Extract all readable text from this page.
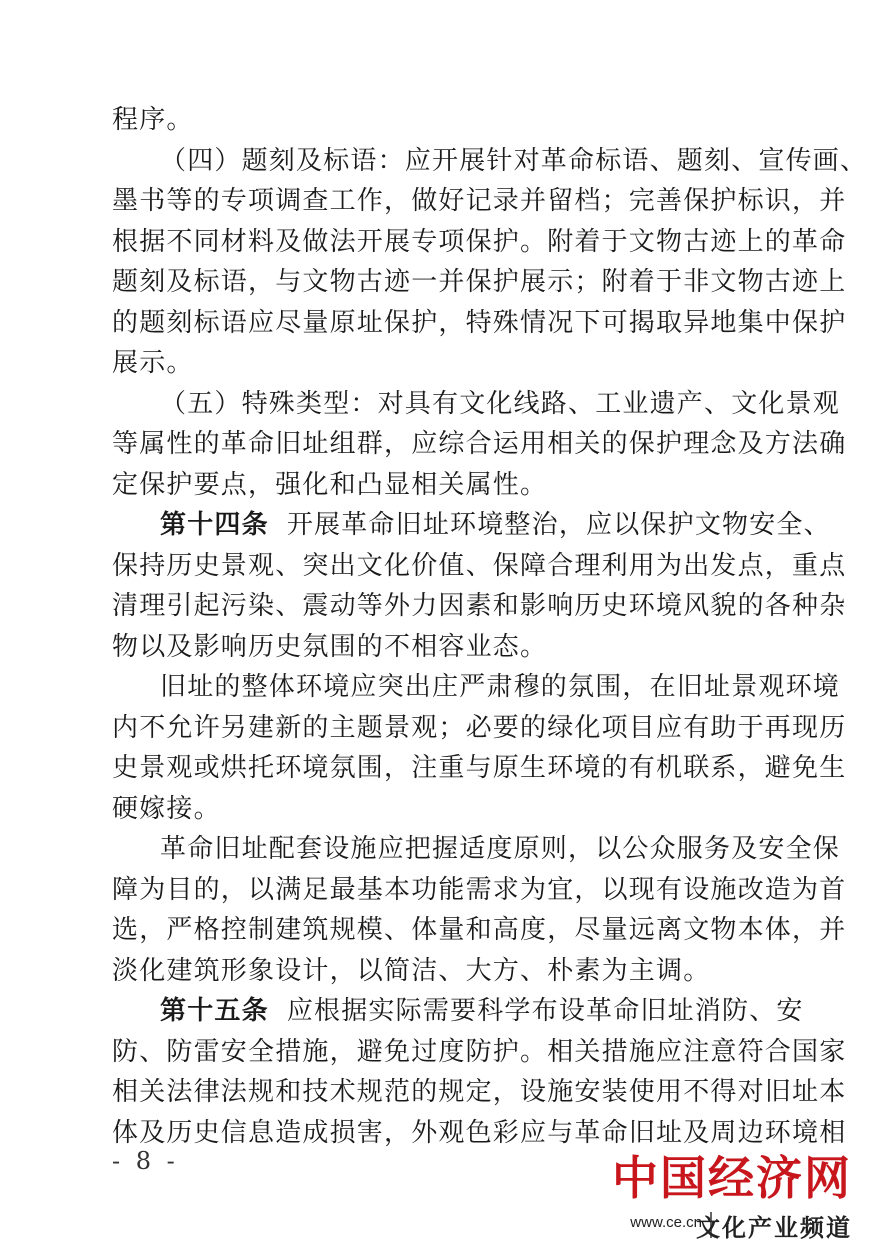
程序。
（四）题刻及标语：应开展针对革命标语、题刻、宣传画、
墨书等的专项调查工作，做好记录并留档；完善保护标识，并
根据不同材料及做法开展专项保护。附着于文物古迹上的革命
题刻及标语，与文物古迹一并保护展示；附着于非文物古迹上
的题刻标语应尽量原址保护，特殊情况下可揭取异地集中保护
展示。
（五）特殊类型：对具有文化线路、工业遗产、文化景观
等属性的革命旧址组群，应综合运用相关的保护理念及方法确
定保护要点，强化和凸显相关属性。
第十四条 开展革命旧址环境整治，应以保护文物安全、
保持历史景观、突出文化价值、保障合理利用为出发点，重点
清理引起污染、震动等外力因素和影响历史环境风貌的各种杂
物以及影响历史氛围的不相容业态。
旧址的整体环境应突出庄严肃穆的氛围，在旧址景观环境
内不允许另建新的主题景观；必要的绿化项目应有助于再现历
史景观或烘托环境氛围，注重与原生环境的有机联系，避免生
硬嫁接。
革命旧址配套设施应把握适度原则，以公众服务及安全保
障为目的，以满足最基本功能需求为宜，以现有设施改造为首
选，严格控制建筑规模、体量和高度，尽量远离文物本体，并
淡化建筑形象设计，以简洁、大方、朴素为主调。
- 8 -	中国经济网
www.ce.cn
文化产业频道
第十五条 应根据实际需要科学布设革命旧址消防、安
防、防雷安全措施，避免过度防护。相关措施应注意符合国家
相关法律法规和技术规范的规定，设施安装使用不得对旧址本
体及历史信息造成损害，外观色彩应与革命旧址及周边环境相
